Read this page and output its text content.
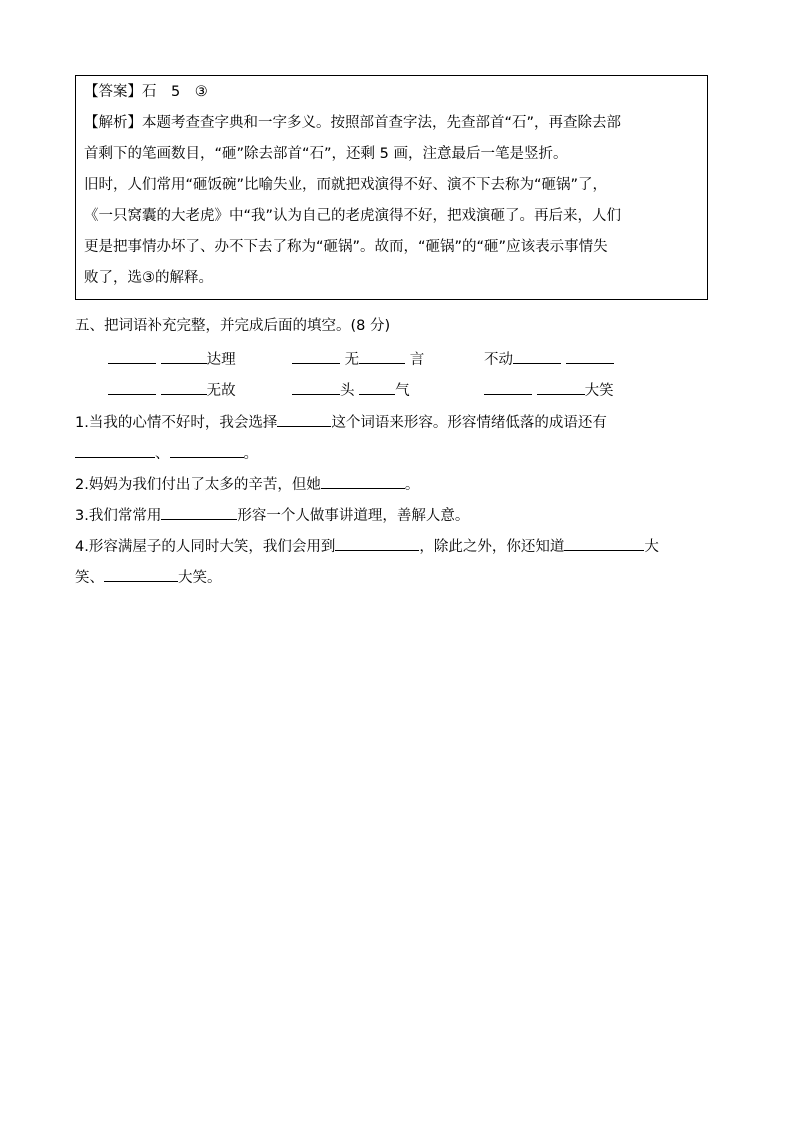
【答案】石　5　③
【解析】本题考查查字典和一字多义。按照部首查字法，先查部首“石”，再查除去部
首剩下的笔画数目，“砸”除去部首“石”，还剩 5 画，注意最后一笔是竖折。
旧时，人们常用“砸饭碗”比喻失业，而就把戏演得不好、演不下去称为“砸锅”了，
《一只窝囊的大老虎》中“我”认为自己的老虎演得不好，把戏演砸了。再后来，人们
更是把事情办坏了、办不下去了称为“砸锅”。故而，“砸锅”的“砸”应该表示事情失
败了，选③的解释。
五、把词语补充完整，并完成后面的填空。(8 分)
达理	无	言	不动
无故	头	气	大笑
1.当我的心情不好时，我会选择	这个词语来形容。形容情绪低落的成语还有
、	。
2.妈妈为我们付出了太多的辛苦，但她	。
3.我们常常用	形容一个人做事讲道理，善解人意。
4.形容满屋子的人同时大笑，我们会用到	，除此之外，你还知道	大
笑、	大笑。
